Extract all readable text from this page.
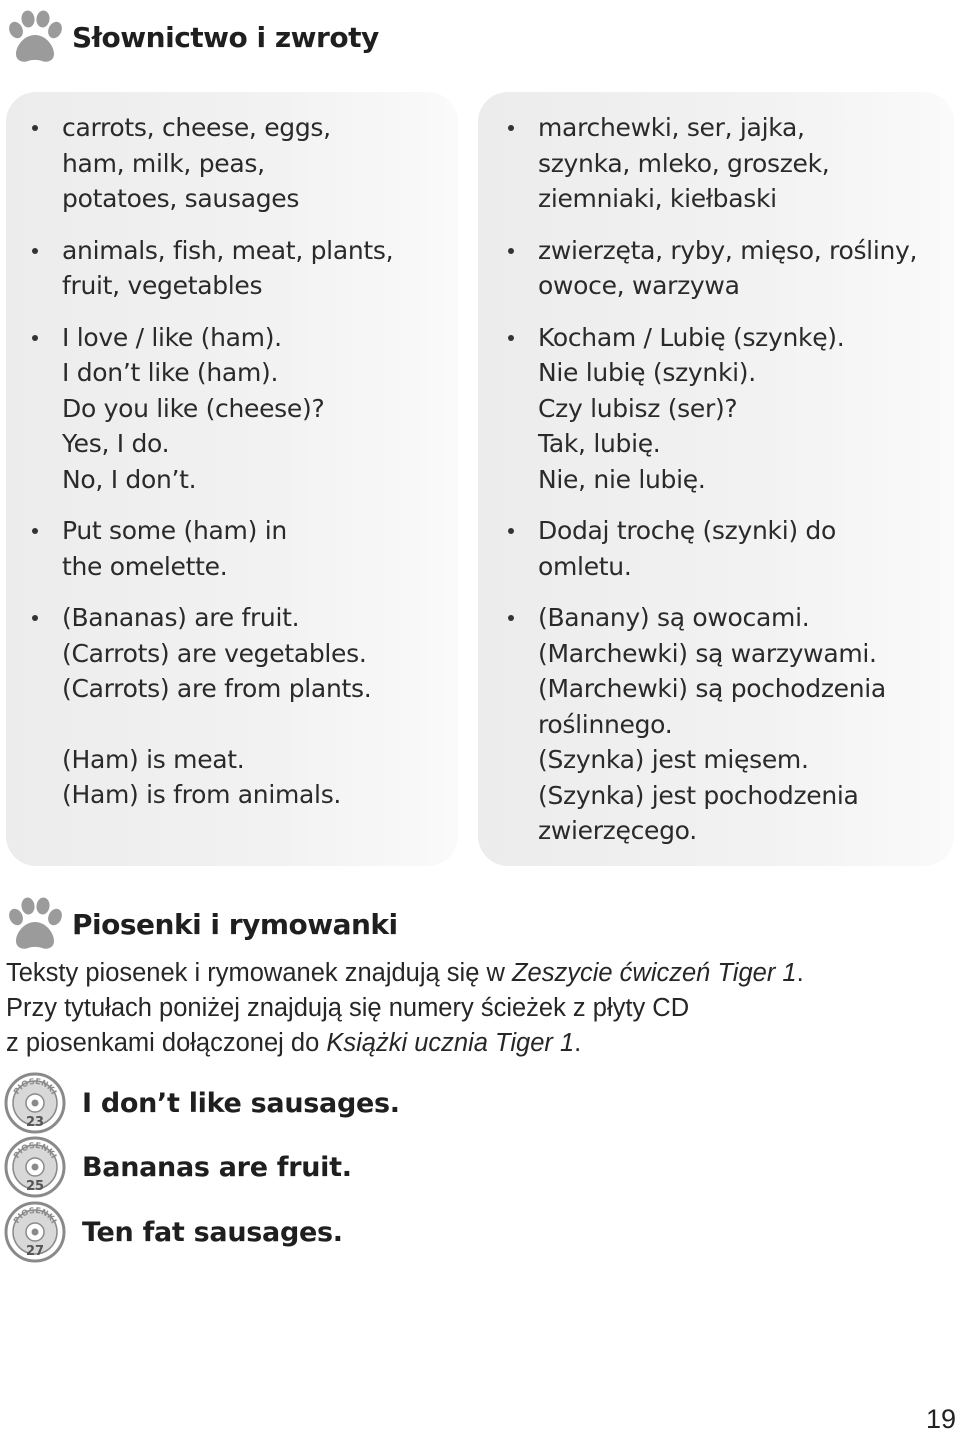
Słownictwo i zwroty
carrots, cheese, eggs,
ham, milk, peas,
potatoes, sausages
animals, fish, meat, plants,
fruit, vegetables
I love / like (ham).
I don’t like (ham).
Do you like (cheese)?
Yes, I do.
No, I don’t.
Put some (ham) in
the omelette.
(Bananas) are fruit.
(Carrots) are vegetables.
(Carrots) are from plants.
(Ham) is meat.
(Ham) is from animals.
marchewki, ser, jajka,
szynka, mleko, groszek,
ziemniaki, kiełbaski
zwierzęta, ryby, mięso, rośliny,
owoce, warzywa
Kocham / Lubię (szynkę).
Nie lubię (szynki).
Czy lubisz (ser)?
Tak, lubię.
Nie, nie lubię.
Dodaj trochę (szynki) do
omletu.
(Banany) są owocami.
(Marchewki) są warzywami.
(Marchewki) są pochodzenia
roślinnego.
(Szynka) jest mięsem.
(Szynka) jest pochodzenia
zwierzęcego.
Piosenki i rymowanki

Teksty piosenek i rymowanek znajdują się w Zeszycie ćwiczeń Tiger 1.

Przy tytułach poniżej znajdują się numery ścieżek z płyty CD

z piosenkami dołączonej do Książki ucznia Tiger 1.

PIOSENKI
23
I don’t like sausages.
PIOSENKI
25
Bananas are fruit.
PIOSENKI
27
Ten fat sausages.
19
